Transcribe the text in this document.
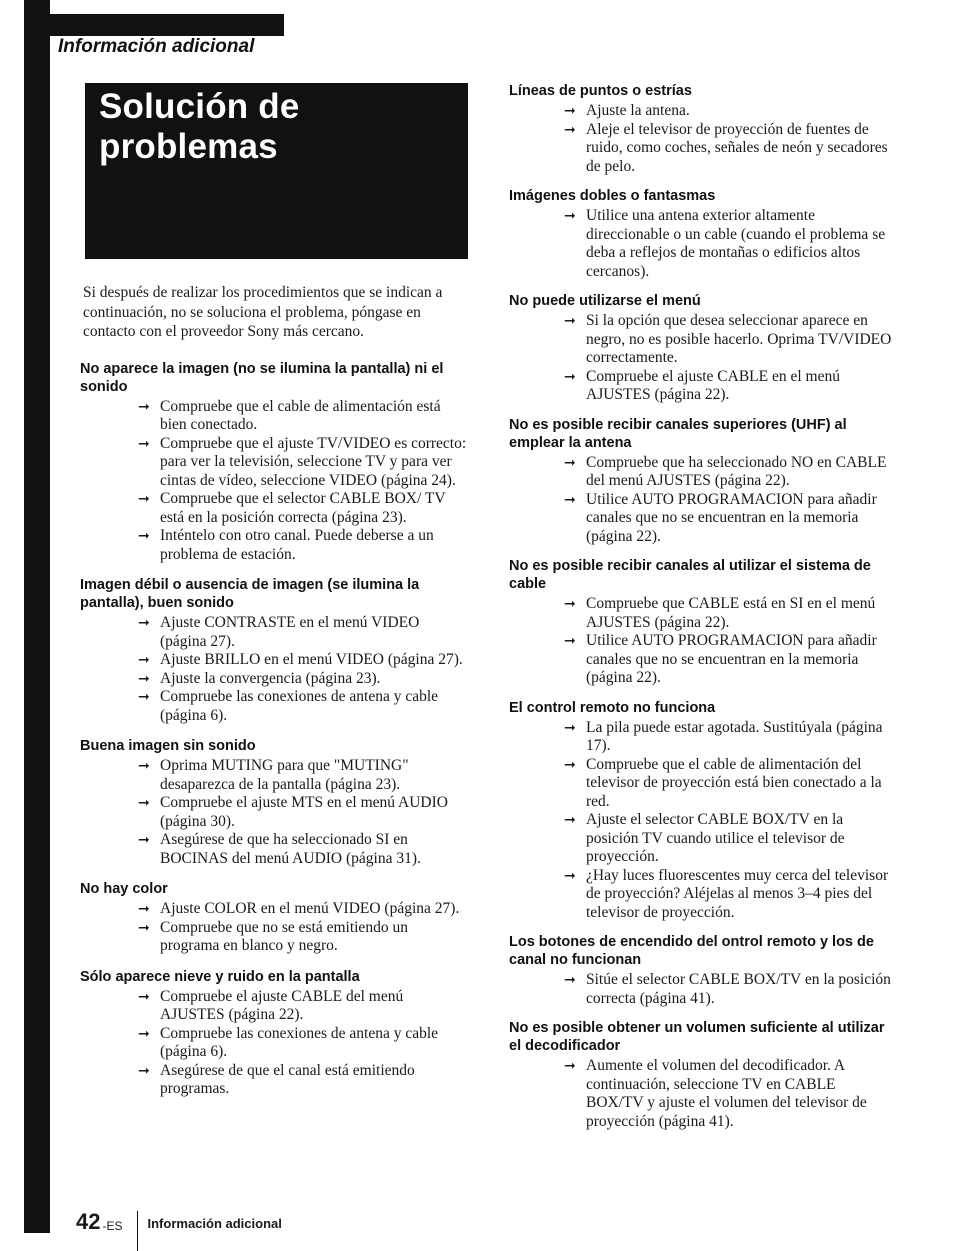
Información adicional
Solución de
problemas

Si después de realizar los procedimientos que se indican a continuación, no se soluciona el problema, póngase en contacto con el proveedor Sony más cercano.

No aparece la imagen (no se ilumina la pantalla) ni el sonido
➞ Compruebe que el cable de alimentación está bien conectado.
➞ Compruebe que el ajuste TV/VIDEO es correcto: para ver la televisión, seleccione TV y para ver cintas de vídeo, seleccione VIDEO (página 24).
➞ Compruebe que el selector CABLE BOX/ TV está en la posición correcta (página 23).
➞ Inténtelo con otro canal. Puede deberse a un problema de estación.
Imagen débil o ausencia de imagen (se ilumina la pantalla), buen sonido
➞ Ajuste CONTRASTE en el menú VIDEO (página 27).
➞ Ajuste BRILLO en el menú VIDEO (página 27).
➞ Ajuste la convergencia (página 23).
➞ Compruebe las conexiones de antena y cable (página 6).
Buena imagen sin sonido
➞ Oprima MUTING para que "MUTING" desaparezca de la pantalla (página 23).
➞ Compruebe el ajuste MTS en el menú AUDIO (página 30).
➞ Asegúrese de que ha seleccionado SI en BOCINAS del menú AUDIO (página 31).
No hay color
➞ Ajuste COLOR en el menú VIDEO (página 27).
➞ Compruebe que no se está emitiendo un programa en blanco y negro.
Sólo aparece nieve y ruido en la pantalla
➞ Compruebe el ajuste CABLE del menú AJUSTES (página 22).
➞ Compruebe las conexiones de antena y cable (página 6).
➞ Asegúrese de que el canal está emitiendo programas.
Líneas de puntos o estrías
➞ Ajuste la antena.
➞ Aleje el televisor de proyección de fuentes de ruido, como coches, señales de neón y secadores de pelo.
Imágenes dobles o fantasmas
➞ Utilice una antena exterior altamente direccionable o un cable (cuando el problema se deba a reflejos de montañas o edificios altos cercanos).
No puede utilizarse el menú
➞ Si la opción que desea seleccionar aparece en negro, no es posible hacerlo. Oprima TV/VIDEO correctamente.
➞ Compruebe el ajuste CABLE en el menú AJUSTES (página 22).
No es posible recibir canales superiores (UHF) al emplear la antena
➞ Compruebe que ha seleccionado NO en CABLE del menú AJUSTES (página 22).
➞ Utilice AUTO PROGRAMACION para añadir canales que no se encuentran en la memoria (página 22).
No es posible recibir canales al utilizar el sistema de cable
➞ Compruebe que CABLE está en SI en el menú AJUSTES (página 22).
➞ Utilice AUTO PROGRAMACION para añadir canales que no se encuentran en la memoria (página 22).
El control remoto no funciona
➞ La pila puede estar agotada. Sustitúyala (página 17).
➞ Compruebe que el cable de alimentación del televisor de proyección está bien conectado a la red.
➞ Ajuste el selector CABLE BOX/TV en la posición TV cuando utilice el televisor de proyección.
➞ ¿Hay luces fluorescentes muy cerca del televisor de proyección? Aléjelas al menos 3–4 pies del televisor de proyección.
Los botones de encendido del ontrol remoto y los de canal no funcionan
➞ Sitúe el selector CABLE BOX/TV en la posición correcta (página 41).
No es posible obtener un volumen suficiente al utilizar el decodificador
➞ Aumente el volumen del decodificador. A continuación, seleccione TV en CABLE BOX/TV y ajuste el volumen del televisor de proyección (página 41).
42 -ES Información adicional
